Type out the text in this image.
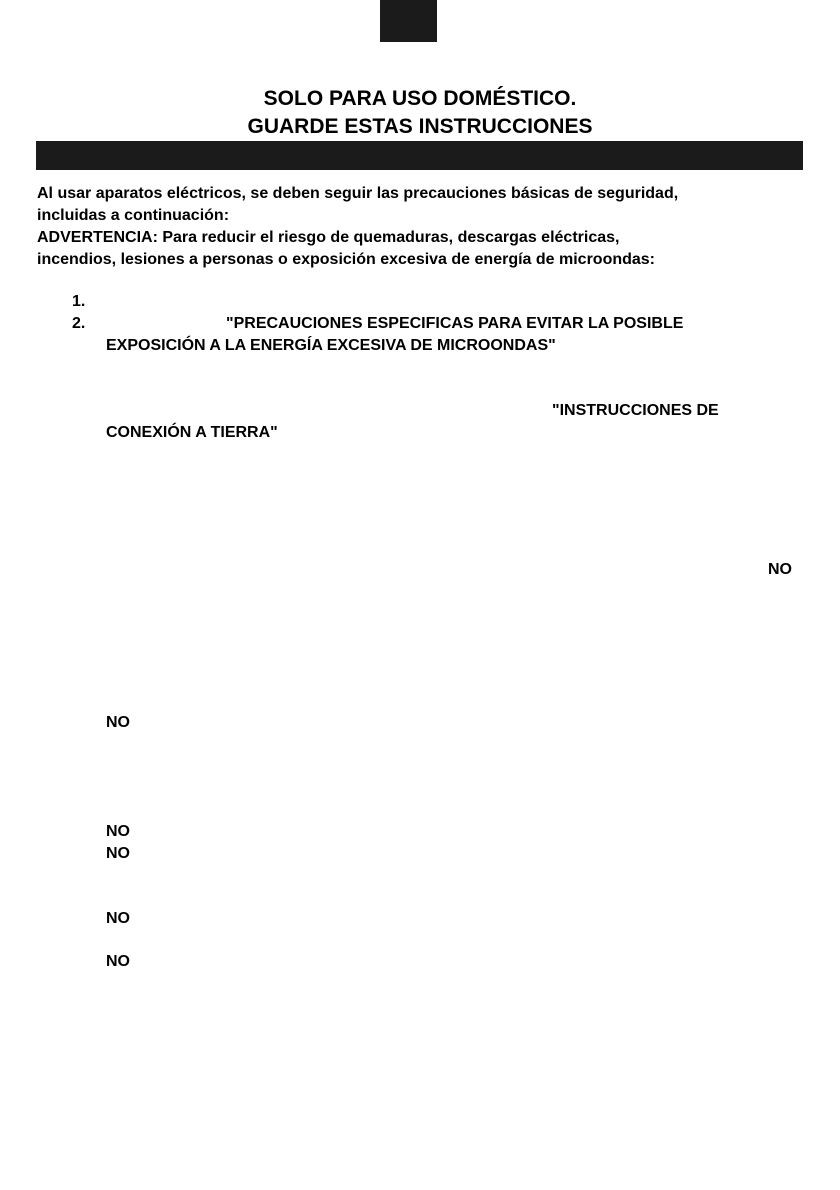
SOLO PARA USO DOMÉSTICO.
GUARDE ESTAS INSTRUCCIONES
Al usar aparatos eléctricos, se deben seguir las precauciones básicas de seguridad,
incluidas a continuación:
ADVERTENCIA: Para reducir el riesgo de quemaduras, descargas eléctricas,
incendios, lesiones a personas o exposición excesiva de energía de microondas:
1.
2.	"PRECAUCIONES ESPECIFICAS PARA EVITAR LA POSIBLE
EXPOSICIÓN A LA ENERGÍA EXCESIVA DE MICROONDAS"
"INSTRUCCIONES DE
CONEXIÓN A TIERRA"
NO
NO
NO
NO
NO
NO
